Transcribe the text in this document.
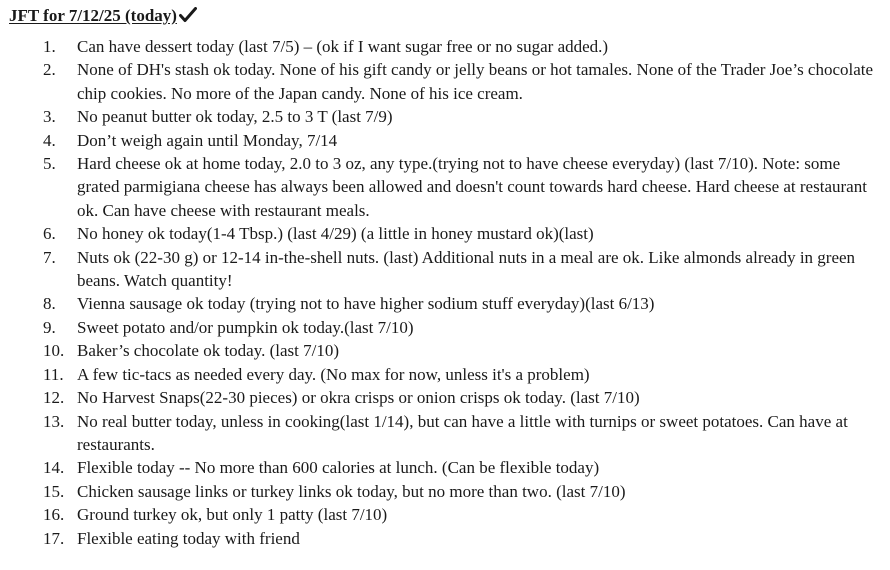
JFT for 7/12/25 (today)
1. Can have dessert today (last 7/5) – (ok if I want sugar free or no sugar added.)
2. None of DH's stash ok today. None of his gift candy or jelly beans or hot tamales. None of the Trader Joe’s chocolate chip cookies. No more of the Japan candy. None of his ice cream.
3. No peanut butter ok today, 2.5 to 3 T (last 7/9)
4. Don’t weigh again until Monday, 7/14
5. Hard cheese ok at home today, 2.0 to 3 oz, any type.(trying not to have cheese everyday) (last 7/10). Note: some grated parmigiana cheese has always been allowed and doesn't count towards hard cheese. Hard cheese at restaurant ok. Can have cheese with restaurant meals.
6. No honey ok today(1-4 Tbsp.) (last 4/29) (a little in honey mustard ok)(last)
7. Nuts ok (22-30 g) or 12-14 in-the-shell nuts. (last) Additional nuts in a meal are ok. Like almonds already in green beans. Watch quantity!
8. Vienna sausage ok today (trying not to have higher sodium stuff everyday)(last 6/13)
9. Sweet potato and/or pumpkin ok today.(last 7/10)
10. Baker’s chocolate ok today. (last 7/10)
11. A few tic-tacs as needed every day. (No max for now, unless it's a problem)
12. No Harvest Snaps(22-30 pieces) or okra crisps or onion crisps ok today. (last 7/10)
13. No real butter today, unless in cooking(last 1/14), but can have a little with turnips or sweet potatoes. Can have at restaurants.
14. Flexible today -- No more than 600 calories at lunch. (Can be flexible today)
15. Chicken sausage links or turkey links ok today, but no more than two. (last 7/10)
16. Ground turkey ok, but only 1 patty (last 7/10)
17. Flexible eating today with friend
